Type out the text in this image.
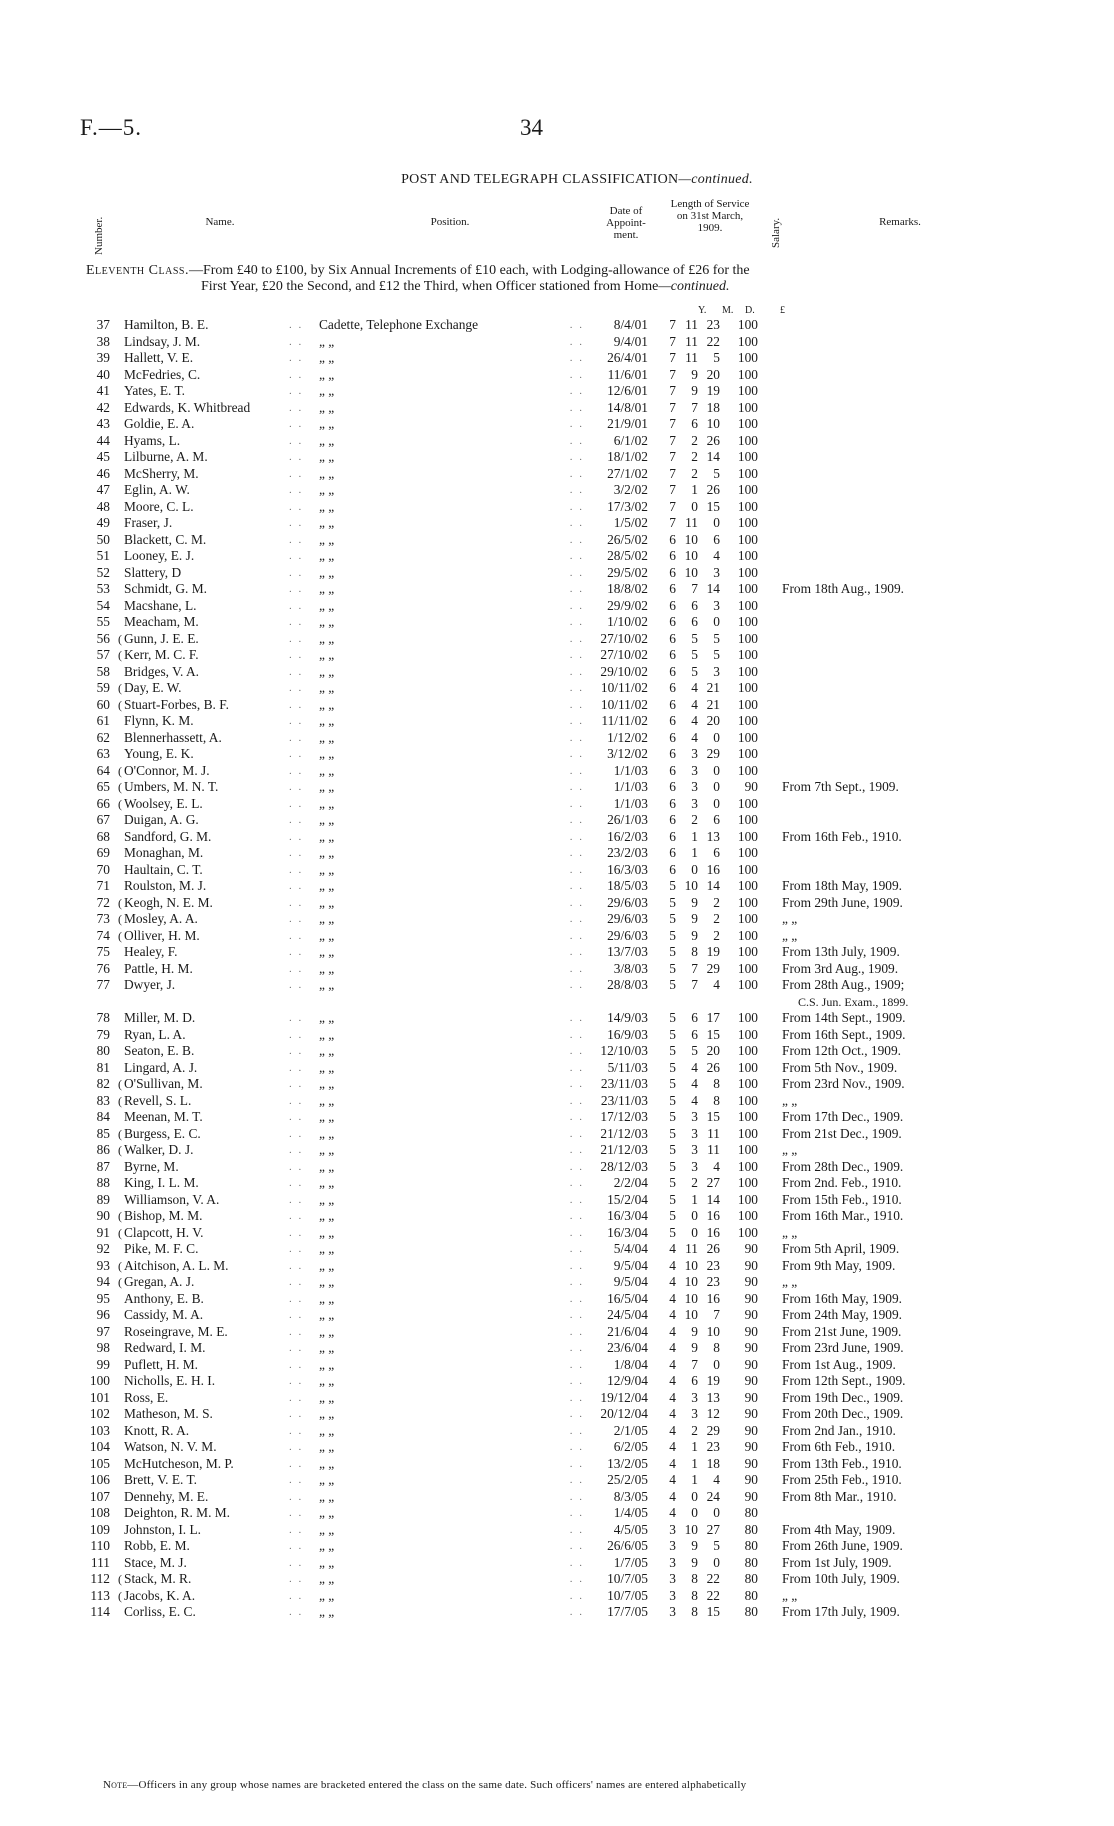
F.—5.	34
POST AND TELEGRAPH CLASSIFICATION—continued.
Number.	Name.	Position.
Date of Appoint-ment.
Length of Service on 31st March, 1909.	Salary.	Remarks.
Eleventh Class.—From £40 to £100, by Six Annual Increments of £10 each, with Lodging-allowance of £26 for the
First Year, £20 the Second, and £12 the Third, when Officer stationed from Home—continued.
Y. M. D.	£
37		Hamilton, B. E.	. .	Cadette, Telephone Exchange	. .	8/4/01	7	11	23	100	
38		Lindsay, J. M.	. .	„ „	. .	9/4/01	7	11	22	100	
39		Hallett, V. E.	. .	„ „	. .	26/4/01	7	11	5	100	
40		McFedries, C.	. .	„ „	. .	11/6/01	7	9	20	100	
41		Yates, E. T.	. .	„ „	. .	12/6/01	7	9	19	100	
42		Edwards, K. Whitbread	. .	„ „	. .	14/8/01	7	7	18	100	
43		Goldie, E. A.	. .	„ „	. .	21/9/01	7	6	10	100	
44		Hyams, L.	. .	„ „	. .	6/1/02	7	2	26	100	
45		Lilburne, A. M.	. .	„ „	. .	18/1/02	7	2	14	100	
46		McSherry, M.	. .	„ „	. .	27/1/02	7	2	5	100	
47		Eglin, A. W.	. .	„ „	. .	3/2/02	7	1	26	100	
48		Moore, C. L.	. .	„ „	. .	17/3/02	7	0	15	100	
49		Fraser, J.	. .	„ „	. .	1/5/02	7	11	0	100	
50		Blackett, C. M.	. .	„ „	. .	26/5/02	6	10	6	100	
51		Looney, E. J.	. .	„ „	. .	28/5/02	6	10	4	100	
52		Slattery, D	. .	„ „	. .	29/5/02	6	10	3	100	
53		Schmidt, G. M.	. .	„ „	. .	18/8/02	6	7	14	100	From 18th Aug., 1909.
54		Macshane, L.	. .	„ „	. .	29/9/02	6	6	3	100	
55		Meacham, M.	. .	„ „	. .	1/10/02	6	6	0	100	
56	(	Gunn, J. E. E.	. .	„ „	. .	27/10/02	6	5	5	100	
57	(	Kerr, M. C. F.	. .	„ „	. .	27/10/02	6	5	5	100	
58		Bridges, V. A.	. .	„ „	. .	29/10/02	6	5	3	100	
59	(	Day, E. W.	. .	„ „	. .	10/11/02	6	4	21	100	
60	(	Stuart-Forbes, B. F.	. .	„ „	. .	10/11/02	6	4	21	100	
61		Flynn, K. M.	. .	„ „	. .	11/11/02	6	4	20	100	
62		Blennerhassett, A.	. .	„ „	. .	1/12/02	6	4	0	100	
63		Young, E. K.	. .	„ „	. .	3/12/02	6	3	29	100	
64	(	O'Connor, M. J.	. .	„ „	. .	1/1/03	6	3	0	100	
65	(	Umbers, M. N. T.	. .	„ „	. .	1/1/03	6	3	0	90	From 7th Sept., 1909.
66	(	Woolsey, E. L.	. .	„ „	. .	1/1/03	6	3	0	100	
67		Duigan, A. G.	. .	„ „	. .	26/1/03	6	2	6	100	
68		Sandford, G. M.	. .	„ „	. .	16/2/03	6	1	13	100	From 16th Feb., 1910.
69		Monaghan, M.	. .	„ „	. .	23/2/03	6	1	6	100	
70		Haultain, C. T.	. .	„ „	. .	16/3/03	6	0	16	100	
71		Roulston, M. J.	. .	„ „	. .	18/5/03	5	10	14	100	From 18th May, 1909.
72	(	Keogh, N. E. M.	. .	„ „	. .	29/6/03	5	9	2	100	From 29th June, 1909.
73	(	Mosley, A. A.	. .	„ „	. .	29/6/03	5	9	2	100	„ „
74	(	Olliver, H. M.	. .	„ „	. .	29/6/03	5	9	2	100	„ „
75		Healey, F.	. .	„ „	. .	13/7/03	5	8	19	100	From 13th July, 1909.
76		Pattle, H. M.	. .	„ „	. .	3/8/03	5	7	29	100	From 3rd Aug., 1909.
77		Dwyer, J.	. .	„ „	. .	28/8/03	5	7	4	100	From 28th Aug., 1909;
C.S. Jun. Exam., 1899.

78		Miller, M. D.	. .	„ „	. .	14/9/03	5	6	17	100	From 14th Sept., 1909.
79		Ryan, L. A.	. .	„ „	. .	16/9/03	5	6	15	100	From 16th Sept., 1909.
80		Seaton, E. B.	. .	„ „	. .	12/10/03	5	5	20	100	From 12th Oct., 1909.
81		Lingard, A. J.	. .	„ „	. .	5/11/03	5	4	26	100	From 5th Nov., 1909.
82	(	O'Sullivan, M.	. .	„ „	. .	23/11/03	5	4	8	100	From 23rd Nov., 1909.
83	(	Revell, S. L.	. .	„ „	. .	23/11/03	5	4	8	100	„ „
84		Meenan, M. T.	. .	„ „	. .	17/12/03	5	3	15	100	From 17th Dec., 1909.
85	(	Burgess, E. C.	. .	„ „	. .	21/12/03	5	3	11	100	From 21st Dec., 1909.
86	(	Walker, D. J.	. .	„ „	. .	21/12/03	5	3	11	100	„ „
87		Byrne, M.	. .	„ „	. .	28/12/03	5	3	4	100	From 28th Dec., 1909.
88		King, I. L. M.	. .	„ „	. .	2/2/04	5	2	27	100	From 2nd. Feb., 1910.
89		Williamson, V. A.	. .	„ „	. .	15/2/04	5	1	14	100	From 15th Feb., 1910.
90	(	Bishop, M. M.	. .	„ „	. .	16/3/04	5	0	16	100	From 16th Mar., 1910.
91	(	Clapcott, H. V.	. .	„ „	. .	16/3/04	5	0	16	100	„ „
92		Pike, M. F. C.	. .	„ „	. .	5/4/04	4	11	26	90	From 5th April, 1909.
93	(	Aitchison, A. L. M.	. .	„ „	. .	9/5/04	4	10	23	90	From 9th May, 1909.
94	(	Gregan, A. J.	. .	„ „	. .	9/5/04	4	10	23	90	„ „
95		Anthony, E. B.	. .	„ „	. .	16/5/04	4	10	16	90	From 16th May, 1909.
96		Cassidy, M. A.	. .	„ „	. .	24/5/04	4	10	7	90	From 24th May, 1909.
97		Roseingrave, M. E.	. .	„ „	. .	21/6/04	4	9	10	90	From 21st June, 1909.
98		Redward, I. M.	. .	„ „	. .	23/6/04	4	9	8	90	From 23rd June, 1909.
99		Puflett, H. M.	. .	„ „	. .	1/8/04	4	7	0	90	From 1st Aug., 1909.
100		Nicholls, E. H. I.	. .	„ „	. .	12/9/04	4	6	19	90	From 12th Sept., 1909.
101		Ross, E.	. .	„ „	. .	19/12/04	4	3	13	90	From 19th Dec., 1909.
102		Matheson, M. S.	. .	„ „	. .	20/12/04	4	3	12	90	From 20th Dec., 1909.
103		Knott, R. A.	. .	„ „	. .	2/1/05	4	2	29	90	From 2nd Jan., 1910.
104		Watson, N. V. M.	. .	„ „	. .	6/2/05	4	1	23	90	From 6th Feb., 1910.
105		McHutcheson, M. P.	. .	„ „	. .	13/2/05	4	1	18	90	From 13th Feb., 1910.
106		Brett, V. E. T.	. .	„ „	. .	25/2/05	4	1	4	90	From 25th Feb., 1910.
107		Dennehy, M. E.	. .	„ „	. .	8/3/05	4	0	24	90	From 8th Mar., 1910.
108		Deighton, R. M. M.	. .	„ „	. .	1/4/05	4	0	0	80	
109		Johnston, I. L.	. .	„ „	. .	4/5/05	3	10	27	80	From 4th May, 1909.
110		Robb, E. M.	. .	„ „	. .	26/6/05	3	9	5	80	From 26th June, 1909.
111		Stace, M. J.	. .	„ „	. .	1/7/05	3	9	0	80	From 1st July, 1909.
112	(	Stack, M. R.	. .	„ „	. .	10/7/05	3	8	22	80	From 10th July, 1909.
113	(	Jacobs, K. A.	. .	„ „	. .	10/7/05	3	8	22	80	„ „
114		Corliss, E. C.	. .	„ „	. .	17/7/05	3	8	15	80	From 17th July, 1909.
Note—Officers in any group whose names are bracketed entered the class on the same date. Such officers' names are entered alphabetically
